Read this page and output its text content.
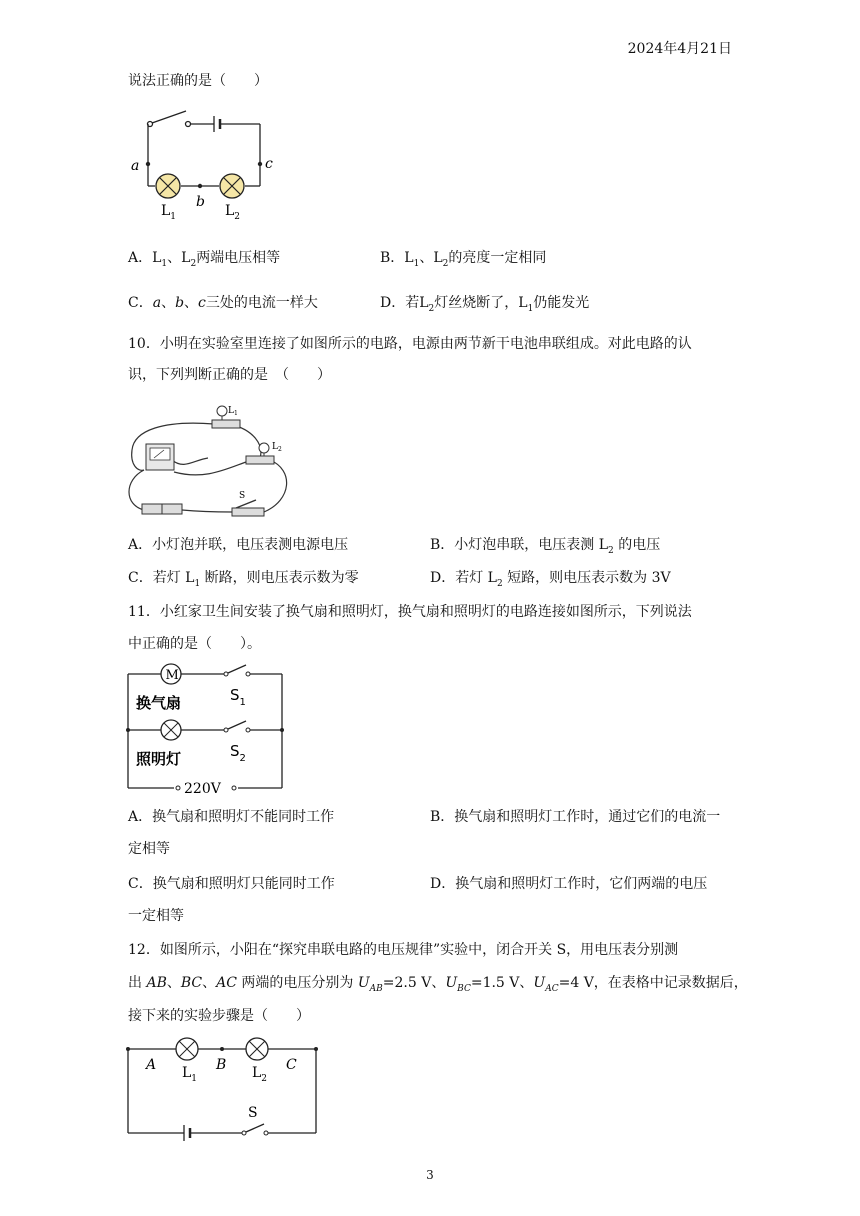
2024年4月21日
说法正确的是（　　）
a
b
c
$L_1$	$L_2$
A．$L_1$、$L_2$两端电压相等	B．$L_1$、$L_2$的亮度一定相同
C．a、b、c三处的电流一样大	D．若$L_2$灯丝烧断了，$L_1$仍能发光
10．小明在实验室里连接了如图所示的电路，电源由两节新干电池串联组成。对此电路的认
识，下列判断正确的是　（　　）
$L_1$
$L_2$
S
A．小灯泡并联，电压表测电源电压	B．小灯泡串联，电压表测 $L_2$ 的电压
C．若灯 $L_1$ 断路，则电压表示数为零	D．若灯 $L_2$ 短路，则电压表示数为 3V
11．小红家卫生间安装了换气扇和照明灯，换气扇和照明灯的电路连接如图所示，下列说法
中正确的是（　　）。
M
换气扇
照明灯
$S_1$
$S_2$
220V
A．换气扇和照明灯不能同时工作	B．换气扇和照明灯工作时，通过它们的电流一
定相等
C．换气扇和照明灯只能同时工作	D．换气扇和照明灯工作时，它们两端的电压
一定相等
12．如图所示，小阳在“探究串联电路的电压规律”实验中，闭合开关 S，用电压表分别测
出 AB、BC、AC 两端的电压分别为 $U_{AB}=2.5$ V、$U_{BC}=1.5$ V、$U_{AC}=4$ V，在表格中记录数据后，
接下来的实验步骤是（　　）
A	B	C
$L_1$	$L_2$
S
3
